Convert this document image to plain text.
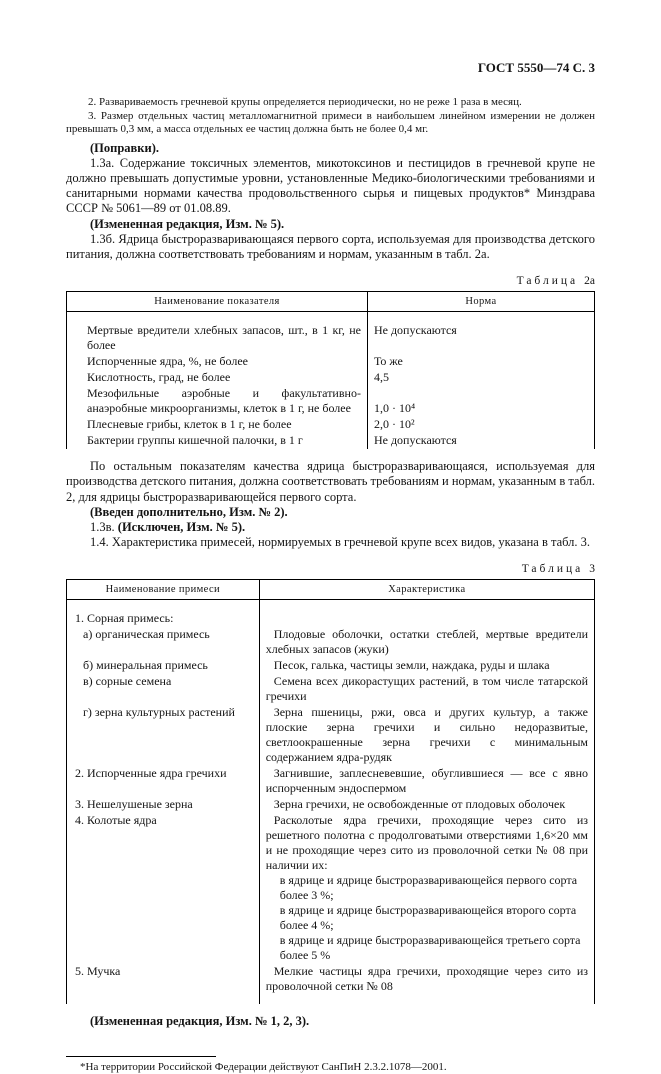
ГОСТ 5550—74 С. 3

2. Развариваемость гречневой крупы определяется периодически, но не реже 1 раза в месяц.

3. Размер отдельных частиц металломагнитной примеси в наибольшем линейном измерении не должен превышать 0,3 мм, а масса отдельных ее частиц должна быть не более 0,4 мг.

(Поправки).

1.3а. Содержание токсичных элементов, микотоксинов и пестицидов в гречневой крупе не должно превышать допустимые уровни, установленные Медико-биологическими требованиями и санитарными нормами качества продовольственного сырья и пищевых продуктов* Минздрава СССР № 5061—89 от 01.08.89.

(Измененная редакция, Изм. № 5).

1.3б. Ядрица быстроразваривающаяся первого сорта, используемая для производства детского питания, должна соответствовать требованиям и нормам, указанным в табл. 2а.

Таблица 2а
Наименование показателя	Норма
Мертвые вредители хлебных запасов, шт., в 1 кг, не более	Не допускаются
Испорченные ядра, %, не более	То же
Кислотность, град, не более	4,5
Мезофильные аэробные и факультативно-анаэробные микроорганизмы, клеток в 1 г, не более	1,0 · 10⁴
Плесневые грибы, клеток в 1 г, не более	2,0 · 10²
Бактерии группы кишечной палочки, в 1 г	Не допускаются

По остальным показателям качества ядрица быстроразваривающаяся, используемая для производства детского питания, должна соответствовать требованиям и нормам, указанным в табл. 2, для ядрицы быстроразваривающейся первого сорта.

(Введен дополнительно, Изм. № 2).

1.3в. (Исключен, Изм. № 5).

1.4. Характеристика примесей, нормируемых в гречневой крупе всех видов, указана в табл. 3.

Таблица 3
Наименование примеси	Характеристика
1. Сорная примесь:	
а) органическая примесь	Плодовые оболочки, остатки стеблей, мертвые вредители хлебных запасов (жуки)

б) минеральная примесь	Песок, галька, частицы земли, наждака, руды и шлака

в) сорные семена	Семена всех дикорастущих растений, в том числе татарской гречихи

г) зерна культурных растений	Зерна пшеницы, ржи, овса и других культур, а также плоские зерна гречихи и сильно недоразвитые, светлоокрашенные зерна гречихи с минимальным содержанием ядра-рудяк

2. Испорченные ядра гречихи	Загнившие, заплесневевшие, обуглившиеся — все с явно испорченным эндоспермом

3. Нешелушеные зерна	Зерна гречихи, не освобожденные от плодовых оболочек

4. Колотые ядра	Расколотые ядра гречихи, проходящие через сито из решетного полотна с продолговатыми отверстиями 1,6×20 мм и не проходящие через сито из проволочной сетки № 08 при наличии их:
в ядрице и ядрице быстроразваривающейся первого сорта более 3 %;
в ядрице и ядрице быстроразваривающейся второго сорта более 4 %;
в ядрице и ядрице быстроразваривающейся третьего сорта более 5 %

5. Мучка	Мелкие частицы ядра гречихи, проходящие через сито из проволочной сетки № 08

(Измененная редакция, Изм. № 1, 2, 3).

*На территории Российской Федерации действуют СанПиН 2.3.2.1078—2001.
